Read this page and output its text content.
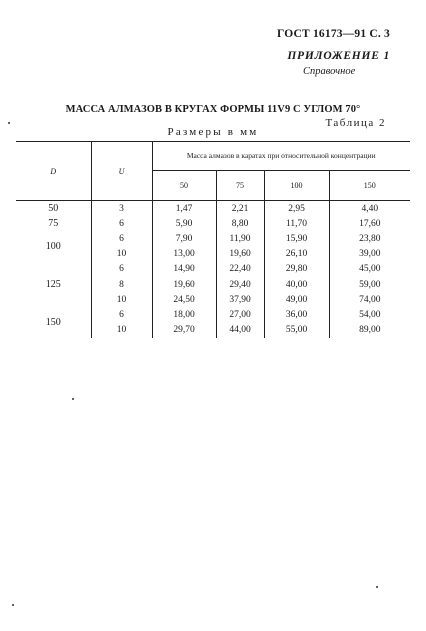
ГОСТ 16173—91 С. 3
ПРИЛОЖЕНИЕ 1
Справочное
МАССА АЛМАЗОВ В КРУГАХ ФОРМЫ 11V9 С УГЛОМ 70°
Таблица 2
Размеры в мм
D	U	Масса алмазов в каратах при относительной концентрации			
		50	75	100	150
50	3	1,47	2,21	2,95	4,40
75	6	5,90	8,80	11,70	17,60
100	6	7,90	11,90	15,90	23,80
	10	13,00	19,60	26,10	39,00
125	6	14,90	22,40	29,80	45,00
	8	19,60	29,40	40,00	59,00
	10	24,50	37,90	49,00	74,00
150	6	18,00	27,00	36,00	54,00
	10	29,70	44,00	55,00	89,00
